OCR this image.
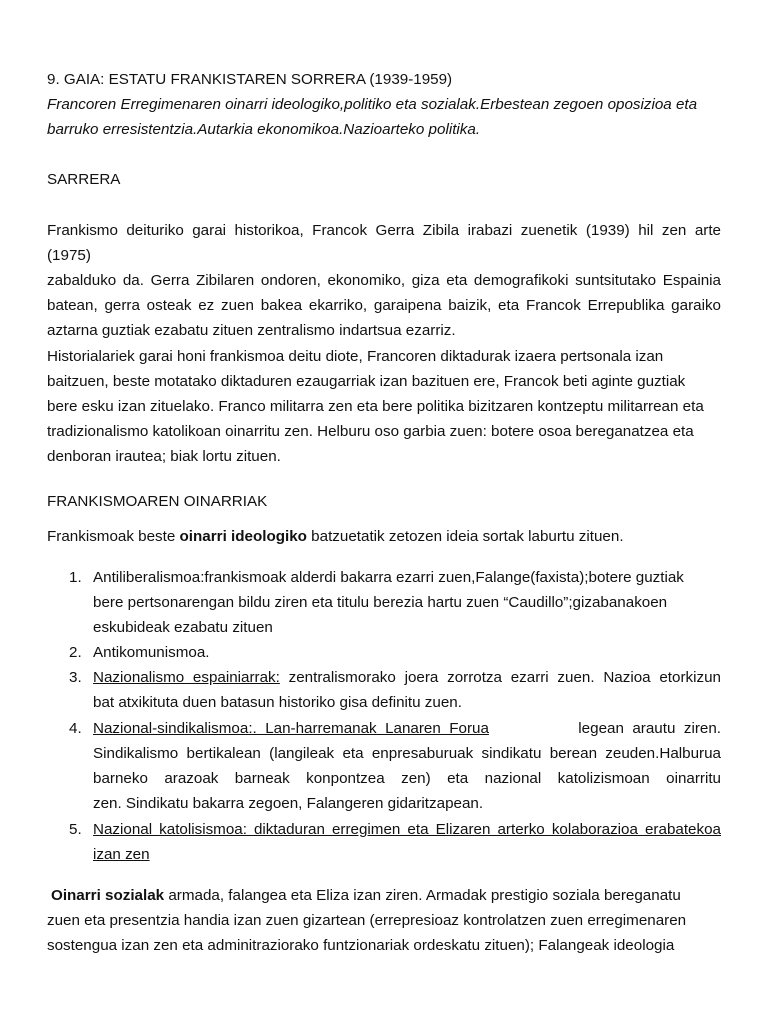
9. GAIA: ESTATU FRANKISTAREN SORRERA (1939-1959)
Francoren Erregimenaren oinarri ideologiko,politiko eta sozialak.Erbestean zegoen oposizioa eta
barruko erresistentzia.Autarkia ekonomikoa.Nazioarteko politika.
SARRERA
Frankismo deituriko garai historikoa, Francok Gerra Zibila irabazi zuenetik (1939) hil zen arte
(1975)
zabalduko da. Gerra Zibilaren ondoren, ekonomiko, giza eta demografikoki suntsitutako Espainia
batean, gerra osteak ez zuen bakea ekarriko, garaipena baizik, eta Francok Errepublika garaiko
aztarna guztiak ezabatu zituen zentralismo indartsua ezarriz.
Historialariek garai honi frankismoa deitu diote, Francoren diktadurak izaera pertsonala izan
baitzuen, beste motatako diktaduren ezaugarriak izan bazituen ere, Francok beti aginte guztiak
bere esku izan zituelako. Franco militarra zen eta bere politika bizitzaren kontzeptu militarrean eta
tradizionalismo katolikoan oinarritu zen. Helburu oso garbia zuen: botere osoa bereganatzea eta
denboran irautea; biak lortu zituen.
FRANKISMOAREN OINARRIAK
Frankismoak beste oinarri ideologiko batzuetatik zetozen ideia sortak laburtu zituen.
1. Antiliberalismoa:frankismoak alderdi bakarra ezarri zuen,Falange(faxista);botere guztiak
bere pertsonarengan bildu ziren eta titulu berezia hartu zuen “Caudillo”;gizabanakoen
eskubideak ezabatu zituen
2. Antikomunismoa.
3. Nazionalismo espainiarrak: zentralismorako joera zorrotza ezarri zuen. Nazioa etorkizun
bat atxikituta duen batasun historiko gisa definitu zuen.
4. Nazional-sindikalismoa:.  Lan-harremanak  Lanaren  Forua	legean  arautu  ziren.
Sindikalismo bertikalean (langileak eta enpresaburuak sindikatu berean zeuden.Halburua
barneko arazoak barneak konpontzea zen) eta nazional katolizismoan oinarritu
zen. Sindikatu bakarra zegoen, Falangeren gidaritzapean.
5. Nazional katolisismoa: diktaduran erregimen eta Elizaren arterko kolaborazioa erabatekoa
izan zen
Oinarri sozialak armada, falangea eta Eliza izan ziren. Armadak prestigio soziala bereganatu
zuen eta presentzia handia izan zuen gizartean (errepresioaz kontrolatzen zuen erregimenaren
sostengua izan zen eta adminitraziorako funtzionariak ordeskatu zituen); Falangeak ideologia
